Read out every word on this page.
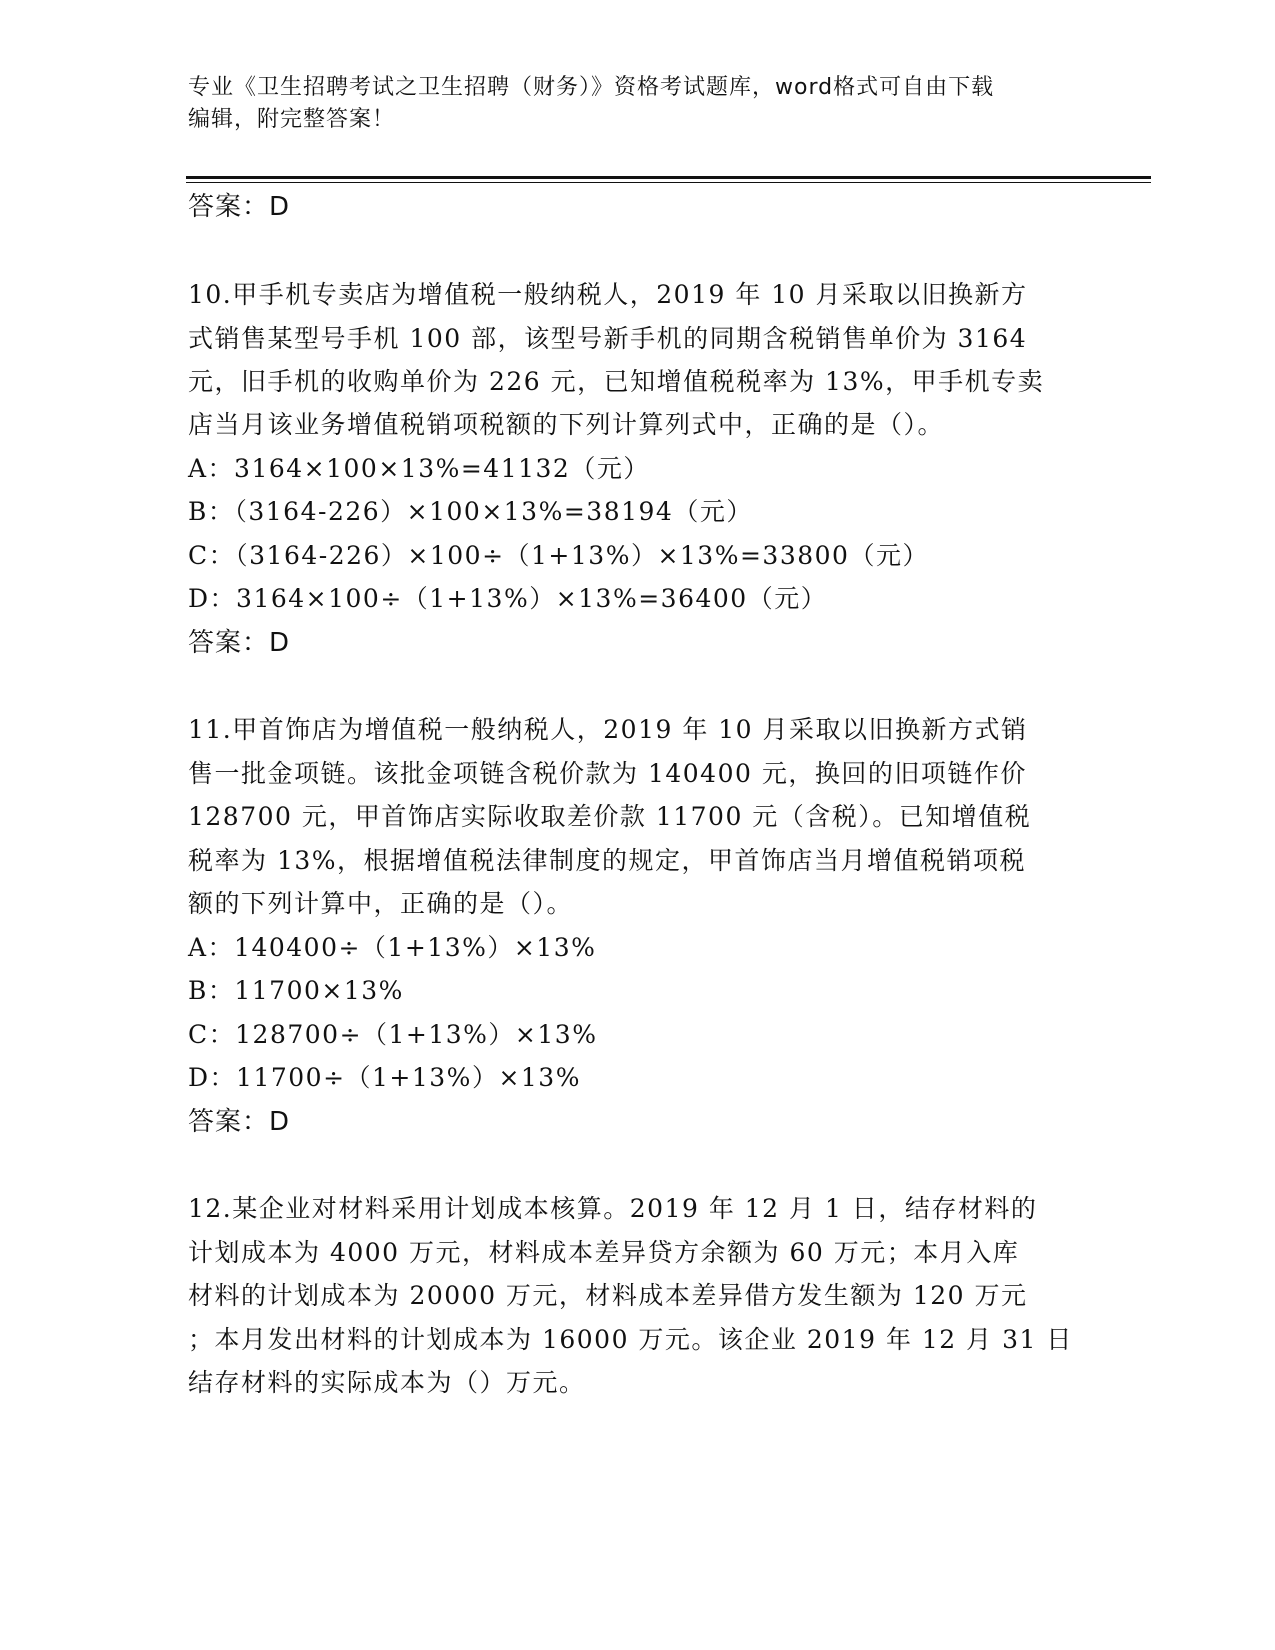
专业《卫生招聘考试之卫生招聘（财务）》资格考试题库，word格式可自由下载
编辑，附完整答案！
答案：D
10.甲手机专卖店为增值税一般纳税人，2019 年 10 月采取以旧换新方
式销售某型号手机 100 部，该型号新手机的同期含税销售单价为 3164
元，旧手机的收购单价为 226 元，已知增值税税率为 13%，甲手机专卖
店当月该业务增值税销项税额的下列计算列式中，正确的是（）。
A：3164×100×13%=41132（元）
B：（3164-226）×100×13%=38194（元）
C：（3164-226）×100÷（1+13%）×13%=33800（元）
D：3164×100÷（1+13%）×13%=36400（元）
答案：D
11.甲首饰店为增值税一般纳税人，2019 年 10 月采取以旧换新方式销
售一批金项链。该批金项链含税价款为 140400 元，换回的旧项链作价
128700 元，甲首饰店实际收取差价款 11700 元（含税）。已知增值税
税率为 13%，根据增值税法律制度的规定，甲首饰店当月增值税销项税
额的下列计算中，正确的是（）。
A：140400÷（1+13%）×13%
B：11700×13%
C：128700÷（1+13%）×13%
D：11700÷（1+13%）×13%
答案：D
12.某企业对材料采用计划成本核算。2019 年 12 月 1 日，结存材料的
计划成本为 4000 万元，材料成本差异贷方余额为 60 万元；本月入库
材料的计划成本为 20000 万元，材料成本差异借方发生额为 120 万元
；本月发出材料的计划成本为 16000 万元。该企业 2019 年 12 月 31 日
结存材料的实际成本为（）万元。
